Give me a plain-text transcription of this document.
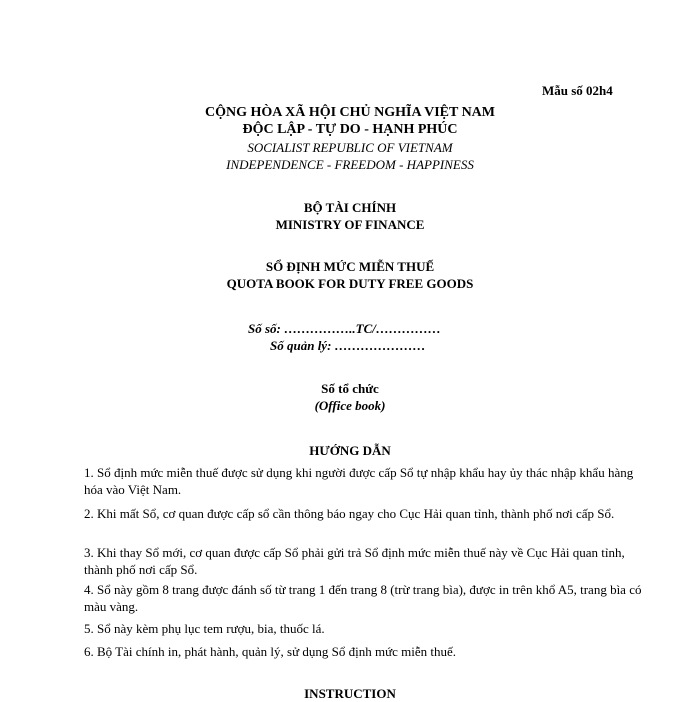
Mẫu số 02h4
CỘNG HÒA XÃ HỘI CHỦ NGHĨA VIỆT NAM
ĐỘC LẬP - TỰ DO - HẠNH PHÚC
SOCIALIST REPUBLIC OF VIETNAM
INDEPENDENCE - FREEDOM - HAPPINESS
BỘ TÀI CHÍNH
MINISTRY OF FINANCE
SỔ ĐỊNH MỨC MIỄN THUẾ
QUOTA BOOK FOR DUTY FREE GOODS
Số số: ……………..TC/……………
Số quản lý: …………………
Số tổ chức
(Office book)
HƯỚNG DẪN
1. Sổ định mức miễn thuế được sử dụng khi người được cấp Sổ tự nhập khẩu hay ủy thác nhập khẩu hàng hóa vào Việt Nam.
2. Khi mất Sổ, cơ quan được cấp sổ cần thông báo ngay cho Cục Hải quan tỉnh, thành phố nơi cấp Sổ.
3. Khi thay Sổ mới, cơ quan được cấp Sổ phải gửi trả Sổ định mức miễn thuế này về Cục Hải quan tỉnh, thành phố nơi cấp Sổ.
4. Sổ này gồm 8 trang được đánh số từ trang 1 đến trang 8 (trừ trang bìa), được in trên khổ A5, trang bìa có màu vàng.
5. Sổ này kèm phụ lục tem rượu, bia, thuốc lá.
6. Bộ Tài chính in, phát hành, quản lý, sử dụng Sổ định mức miễn thuế.
INSTRUCTION
